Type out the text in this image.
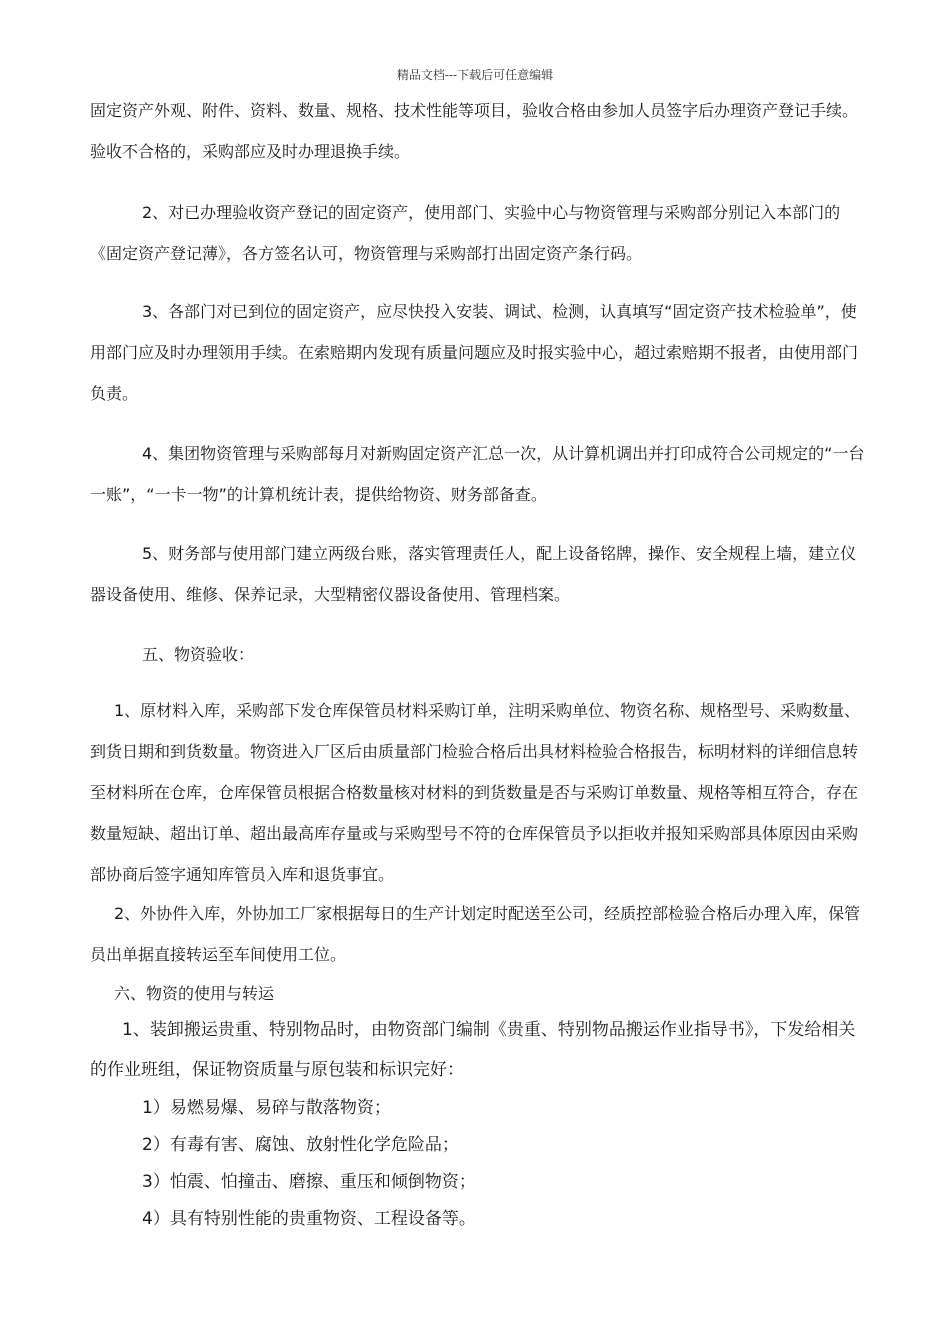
精品文档---下载后可任意编辑

固定资产外观、附件、资料、数量、规格、技术性能等项目，验收合格由参加人员签字后办理资产登记手续。验收不合格的，采购部应及时办理退换手续。

2、对已办理验收资产登记的固定资产，使用部门、实验中心与物资管理与采购部分别记入本部门的《固定资产登记薄》，各方签名认可，物资管理与采购部打出固定资产条行码。

3、各部门对已到位的固定资产，应尽快投入安装、调试、检测，认真填写“固定资产技术检验单”，使用部门应及时办理领用手续。在索赔期内发现有质量问题应及时报实验中心，超过索赔期不报者，由使用部门负责。

4、集团物资管理与采购部每月对新购固定资产汇总一次，从计算机调出并打印成符合公司规定的“一台一账”，“一卡一物”的计算机统计表，提供给物资、财务部备查。

5、财务部与使用部门建立两级台账，落实管理责任人，配上设备铭牌，操作、安全规程上墙，建立仪器设备使用、维修、保养记录，大型精密仪器设备使用、管理档案。

五、物资验收：

1、原材料入库，采购部下发仓库保管员材料采购订单，注明采购单位、物资名称、规格型号、采购数量、到货日期和到货数量。物资进入厂区后由质量部门检验合格后出具材料检验合格报告，标明材料的详细信息转至材料所在仓库，仓库保管员根据合格数量核对材料的到货数量是否与采购订单数量、规格等相互符合，存在数量短缺、超出订单、超出最高库存量或与采购型号不符的仓库保管员予以拒收并报知采购部具体原因由采购部协商后签字通知库管员入库和退货事宜。

2、外协件入库，外协加工厂家根据每日的生产计划定时配送至公司，经质控部检验合格后办理入库，保管员出单据直接转运至车间使用工位。

六、物资的使用与转运

1、装卸搬运贵重、特别物品时，由物资部门编制《贵重、特别物品搬运作业指导书》，下发给相关的作业班组，保证物资质量与原包装和标识完好：

1）易燃易爆、易碎与散落物资；

2）有毒有害、腐蚀、放射性化学危险品；

3）怕震、怕撞击、磨擦、重压和倾倒物资；

4）具有特别性能的贵重物资、工程设备等。
